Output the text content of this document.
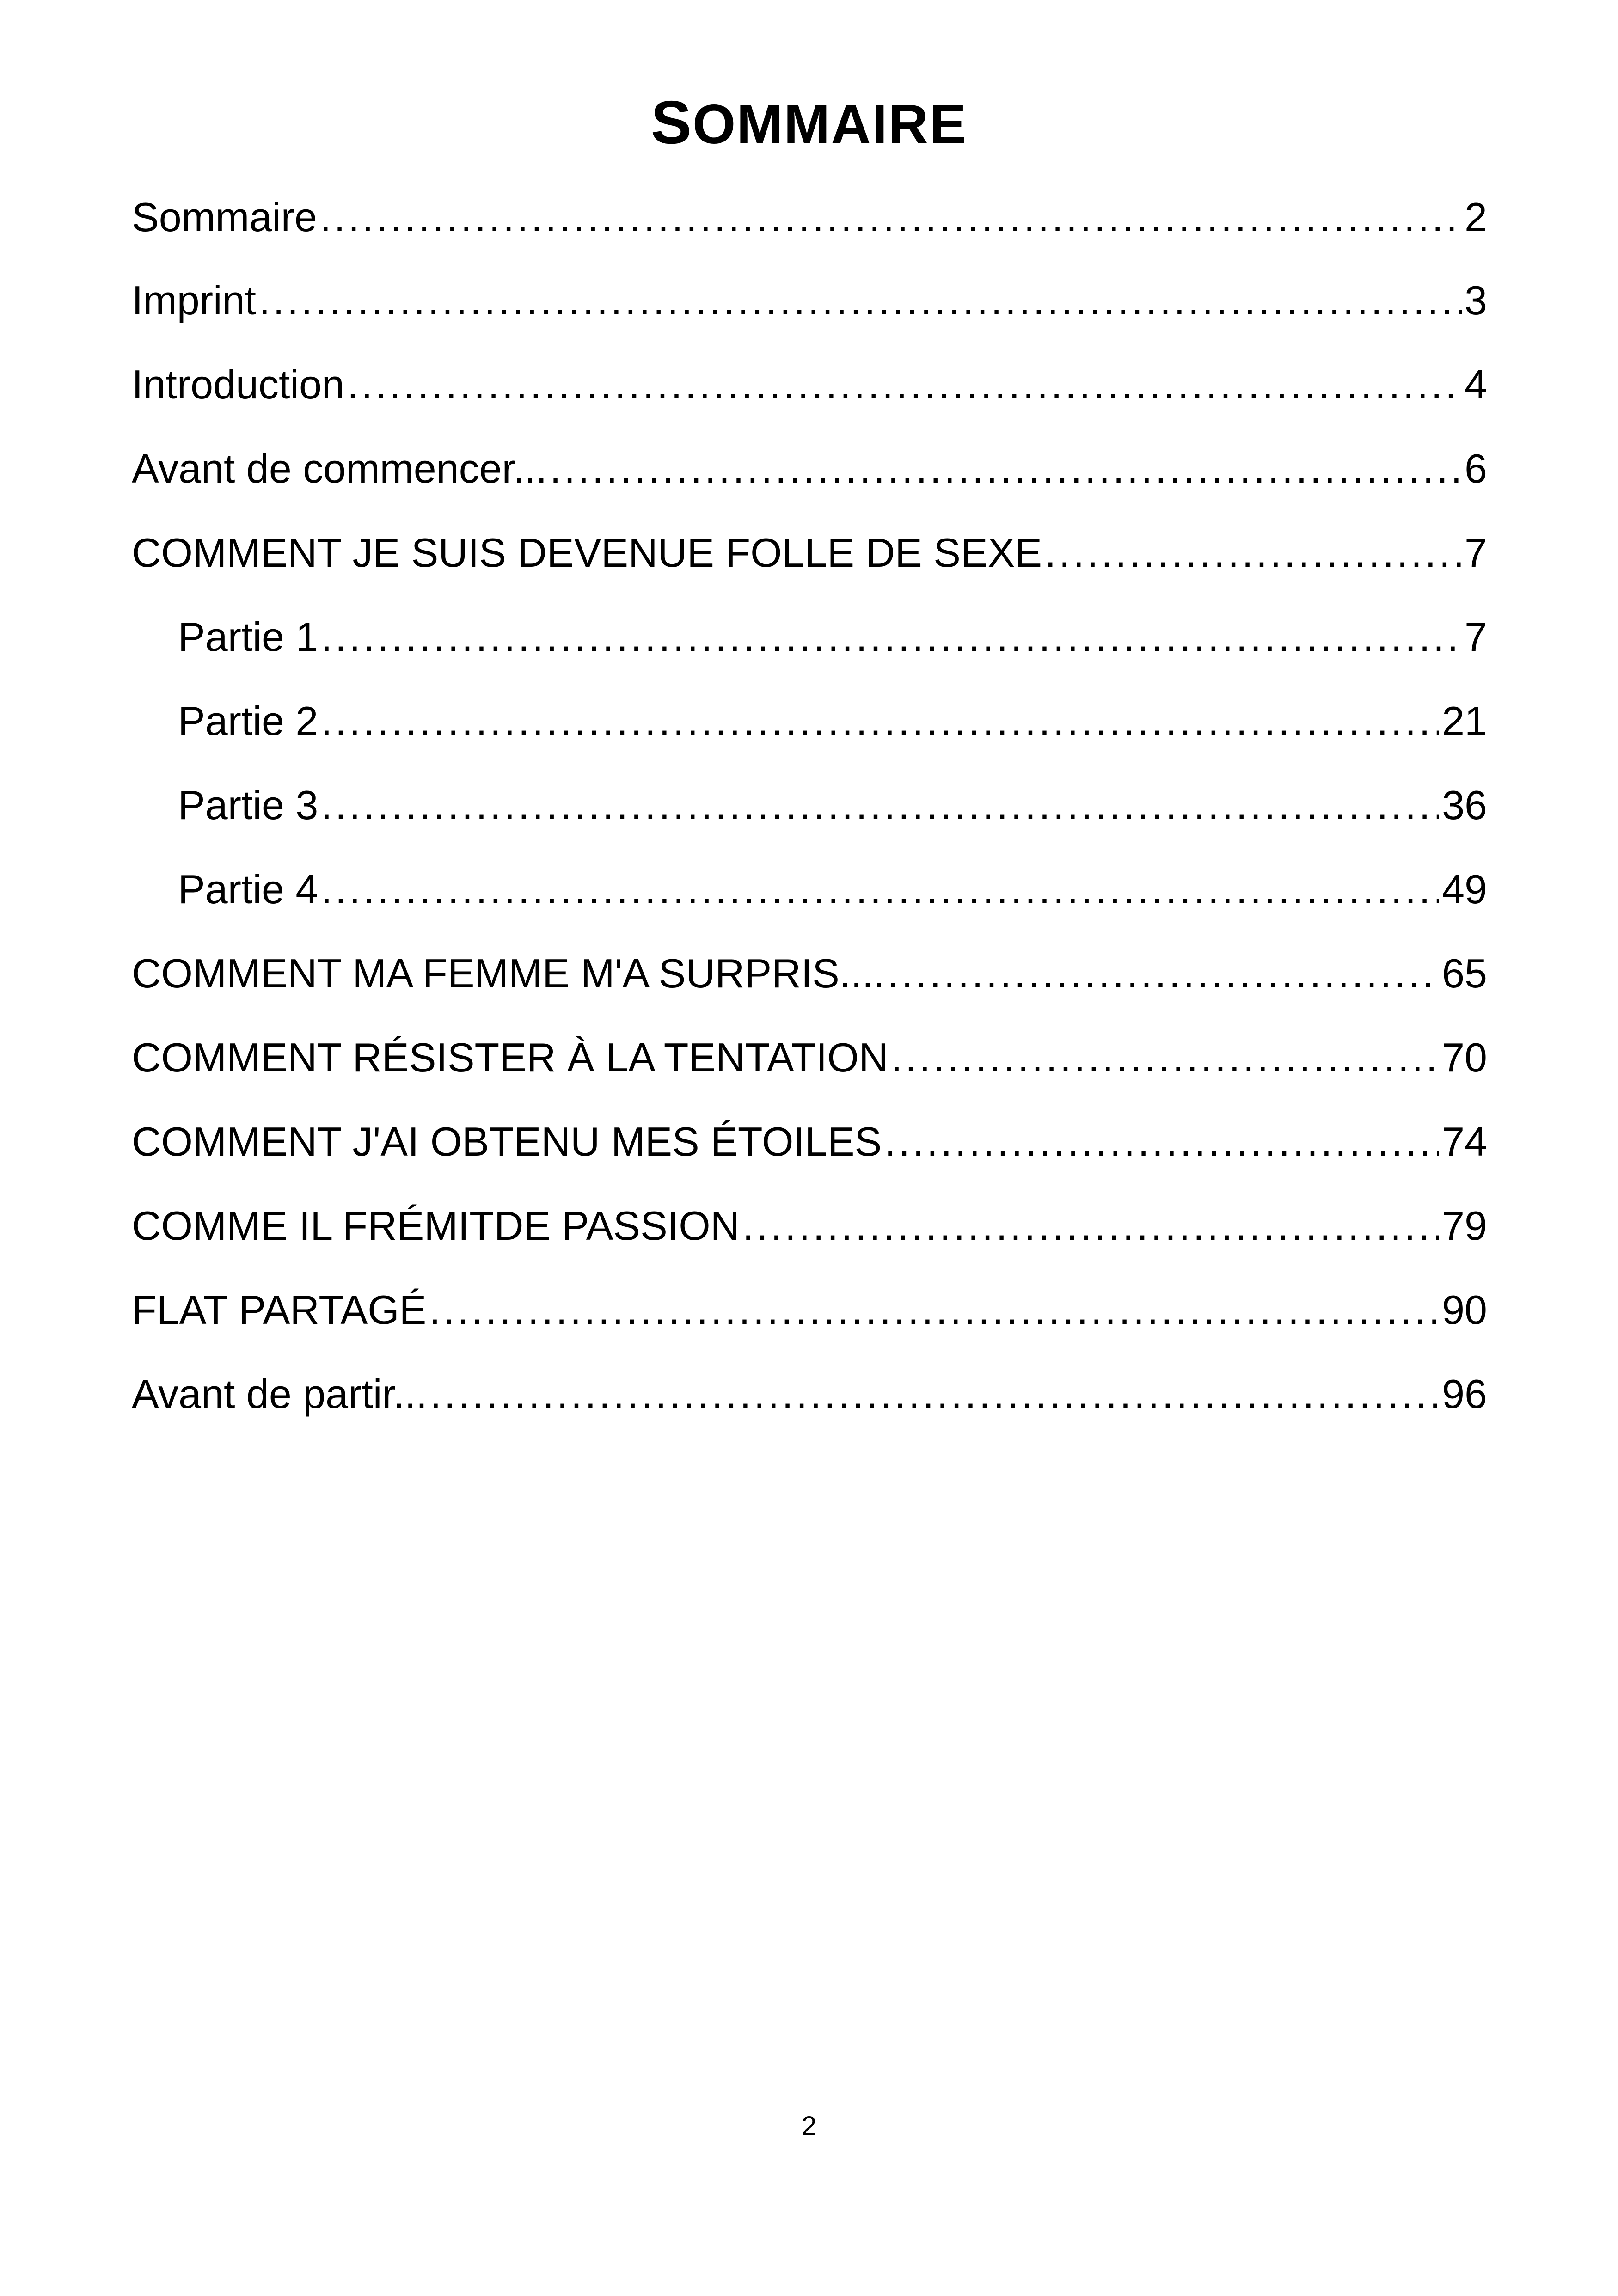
SOMMAIRE
Sommaire .....	2
Imprint .....	3
Introduction .....	4
Avant de commencer... .....	6
COMMENT JE SUIS DEVENUE FOLLE DE SEXE .....	7
Partie 1 .....	7
Partie 2 .....	21
Partie 3 .....	36
Partie 4 .....	49
COMMENT MA FEMME M'A SURPRIS.... .....	65
COMMENT RÉSISTER À LA TENTATION .....	70
COMMENT J'AI OBTENU MES ÉTOILES .....	74
COMME IL FRÉMITDE PASSION .....	79
FLAT PARTAGÉ .....	90
Avant de partir... .....	96
2
